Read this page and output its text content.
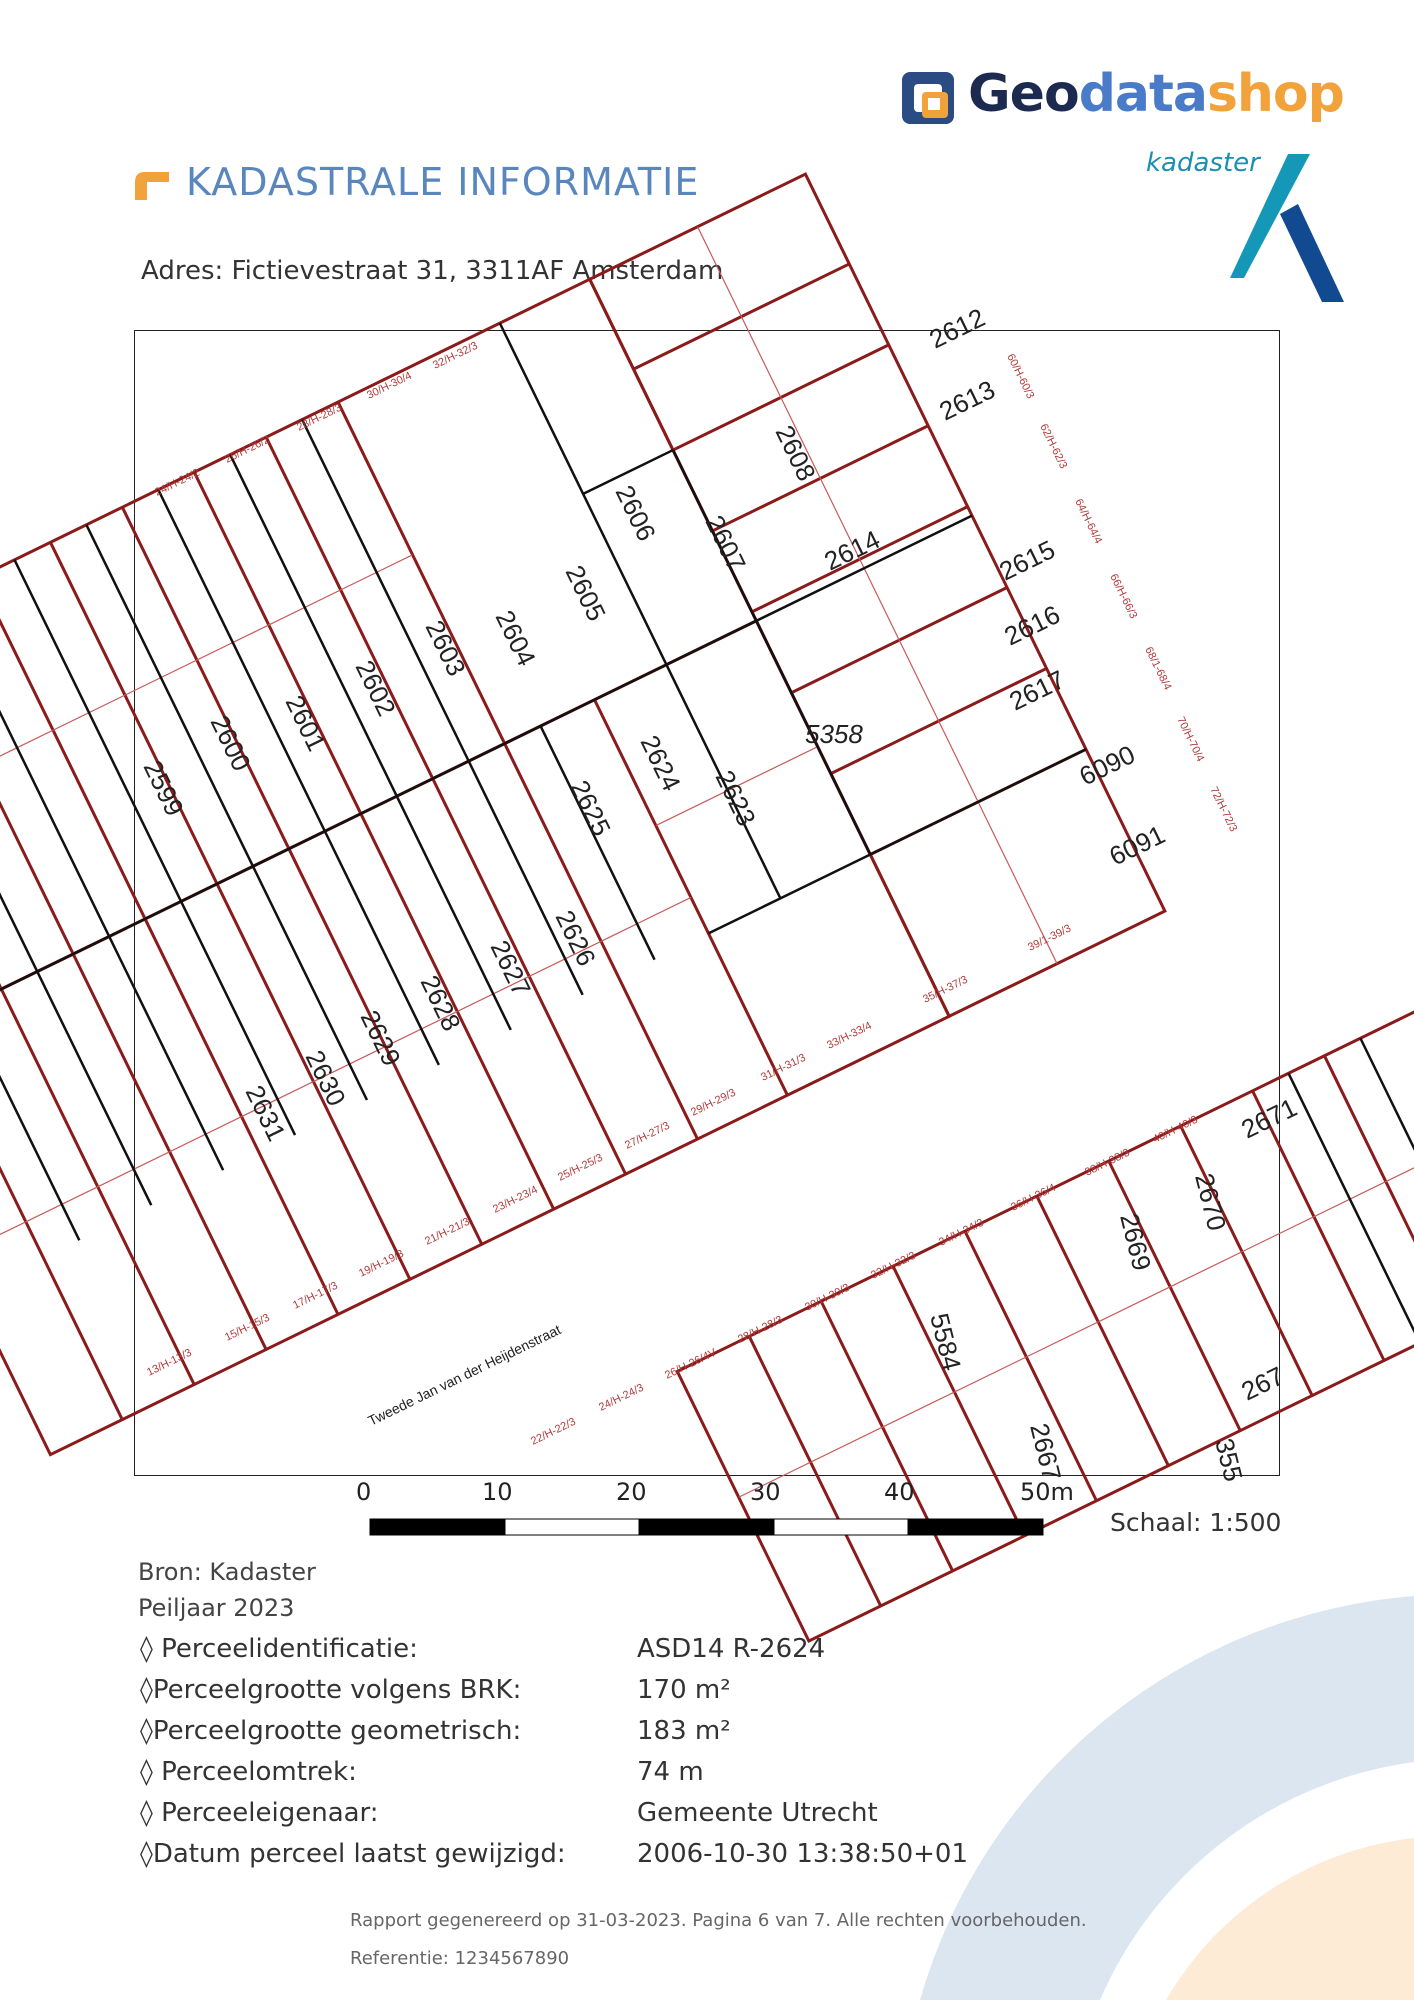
Geodatashop
kadaster
KADASTRALE INFORMATIE
Adres: Fictievestraat 31, 3311AF Amsterdam
2612
2613
2608
2606 2607	2614	2615
2605
2604
2603
2602
2616
2601
2600
2617
2624
2599
5358
2625	2623
6090
6091
2626
2627
2628
2629
2630
2631
5584
2669
2670
2667
2671
267
355
24/H-24/2
26/H-26/2
28/H-28/3
30/H-30/4
32/H-32/3	60/H-60/3
62/H-62/3
64/H-64/4
66/H-66/3
68/1-68/4
70/H-70/4
72/H-72/3
39/1-39/3
35/H-37/3
33/H-33/4
31/H-31/3
29/H-29/3
27/H-27/3
25/H-25/3
23/H-23/4
21/H-21/3
19/H-19/3
17/H-17/3
15/H-15/3
13/H-13/3
40/H-40/3
38/H-38/3
36/H-36/4
34/H-34/3
32/H-32/3
30/H-30/3
28/H-28/3
26/H-26/4V
24/H-24/3
22/H-22/3
Tweede Jan van der Heijdenstraat
0	10	20	30	40	50m
Schaal: 1:500
Bron: Kadaster
Peiljaar 2023
◊ Perceelidentificatie:	ASD14 R-2624
◊Perceelgrootte volgens BRK:	170 m²
◊Perceelgrootte geometrisch:	183 m²
◊ Perceelomtrek:	74 m
◊ Perceeleigenaar:	Gemeente Utrecht
◊Datum perceel laatst gewijzigd:	2006-10-30 13:38:50+01
Rapport gegenereerd op 31-03-2023. Pagina 6 van 7. Alle rechten voorbehouden.
Referentie: 1234567890
